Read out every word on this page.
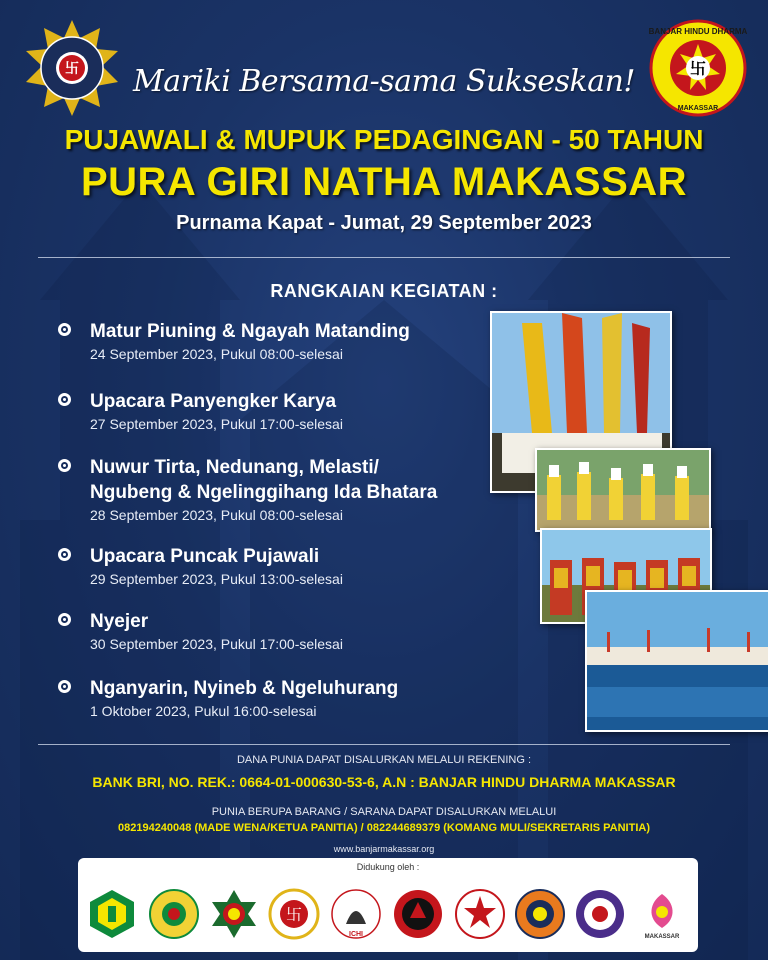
卐	卐
BANJAR HINDU DHARMA
MAKASSAR
Mariki Bersama-sama Sukseskan!
PUJAWALI & MUPUK PEDAGINGAN - 50 TAHUN
PURA GIRI NATHA MAKASSAR
Purnama Kapat - Jumat, 29 September 2023
RANGKAIAN KEGIATAN :
Matur Piuning & Ngayah Matanding
24 September 2023, Pukul 08:00-selesai
Upacara Panyengker Karya
27 September 2023, Pukul 17:00-selesai
Nuwur Tirta, Nedunang, Melasti/
Ngubeng & Ngelinggihang Ida Bhatara
28 September 2023, Pukul 08:00-selesai
Upacara Puncak Pujawali
29 September 2023, Pukul 13:00-selesai
Nyejer
30 September 2023, Pukul 17:00-selesai
Nganyarin, Nyineb & Ngeluhurang
1 Oktober 2023, Pukul 16:00-selesai
DANA PUNIA DAPAT DISALURKAN MELALUI REKENING :
BANK BRI, NO. REK.: 0664-01-000630-53-6, A.N : BANJAR HINDU DHARMA MAKASSAR
PUNIA BERUPA BARANG / SARANA DAPAT DISALURKAN MELALUI
082194240048 (MADE WENA/KETUA PANITIA) / 082244689379 (KOMANG MULI/SEKRETARIS PANITIA)
www.banjarmakassar.org
Didukung oleh :
卐
ICHI	MAKASSAR
